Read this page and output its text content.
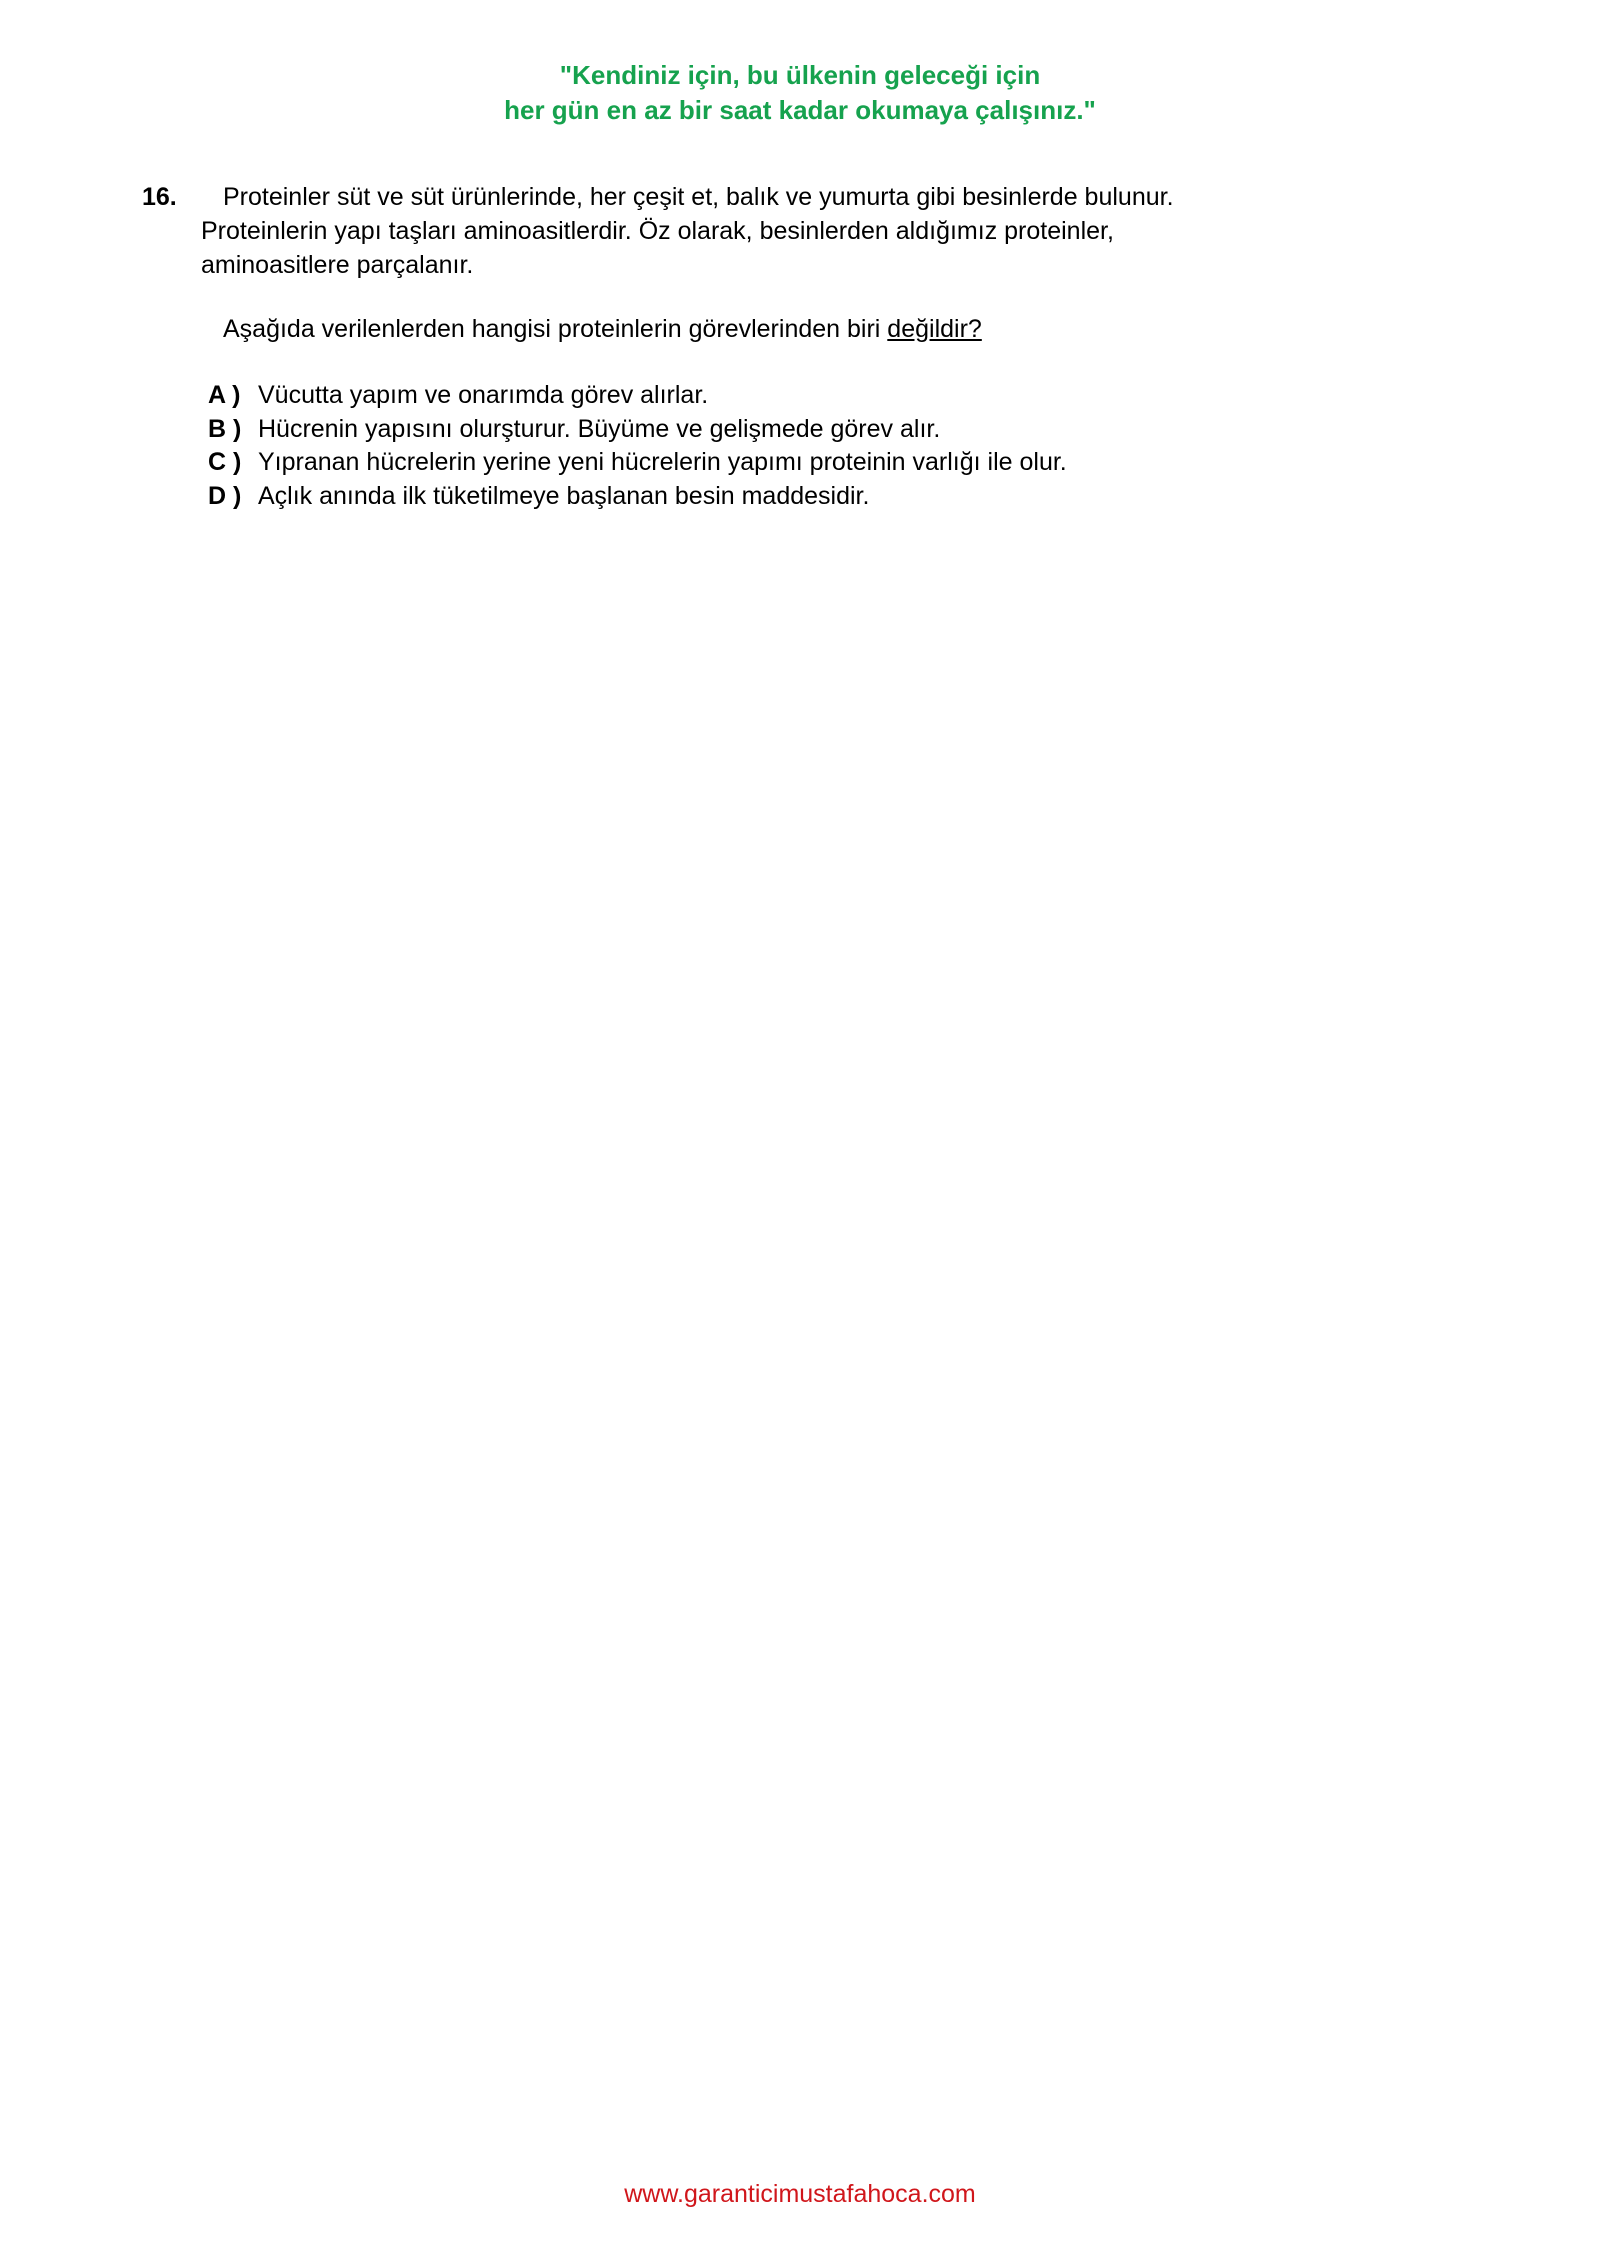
"Kendiniz için, bu ülkenin geleceği için
her gün en az bir saat kadar okumaya çalışınız."
16.	Proteinler süt ve süt ürünlerinde, her çeşit et, balık ve yumurta gibi besinlerde bulunur.

Proteinlerin yapı taşları aminoasitlerdir. Öz olarak, besinlerden aldığımız proteinler,

aminoasitlere parçalanır.

Aşağıda verilenlerden hangisi proteinlerin görevlerinden biri değildir?
A ) Vücutta yapım ve onarımda görev alırlar.
B ) Hücrenin yapısını olurşturur. Büyüme ve gelişmede görev alır.
C ) Yıpranan hücrelerin yerine yeni hücrelerin yapımı proteinin varlığı ile olur.
D ) Açlık anında ilk tüketilmeye başlanan besin maddesidir.
www.garanticimustafahoca.com
